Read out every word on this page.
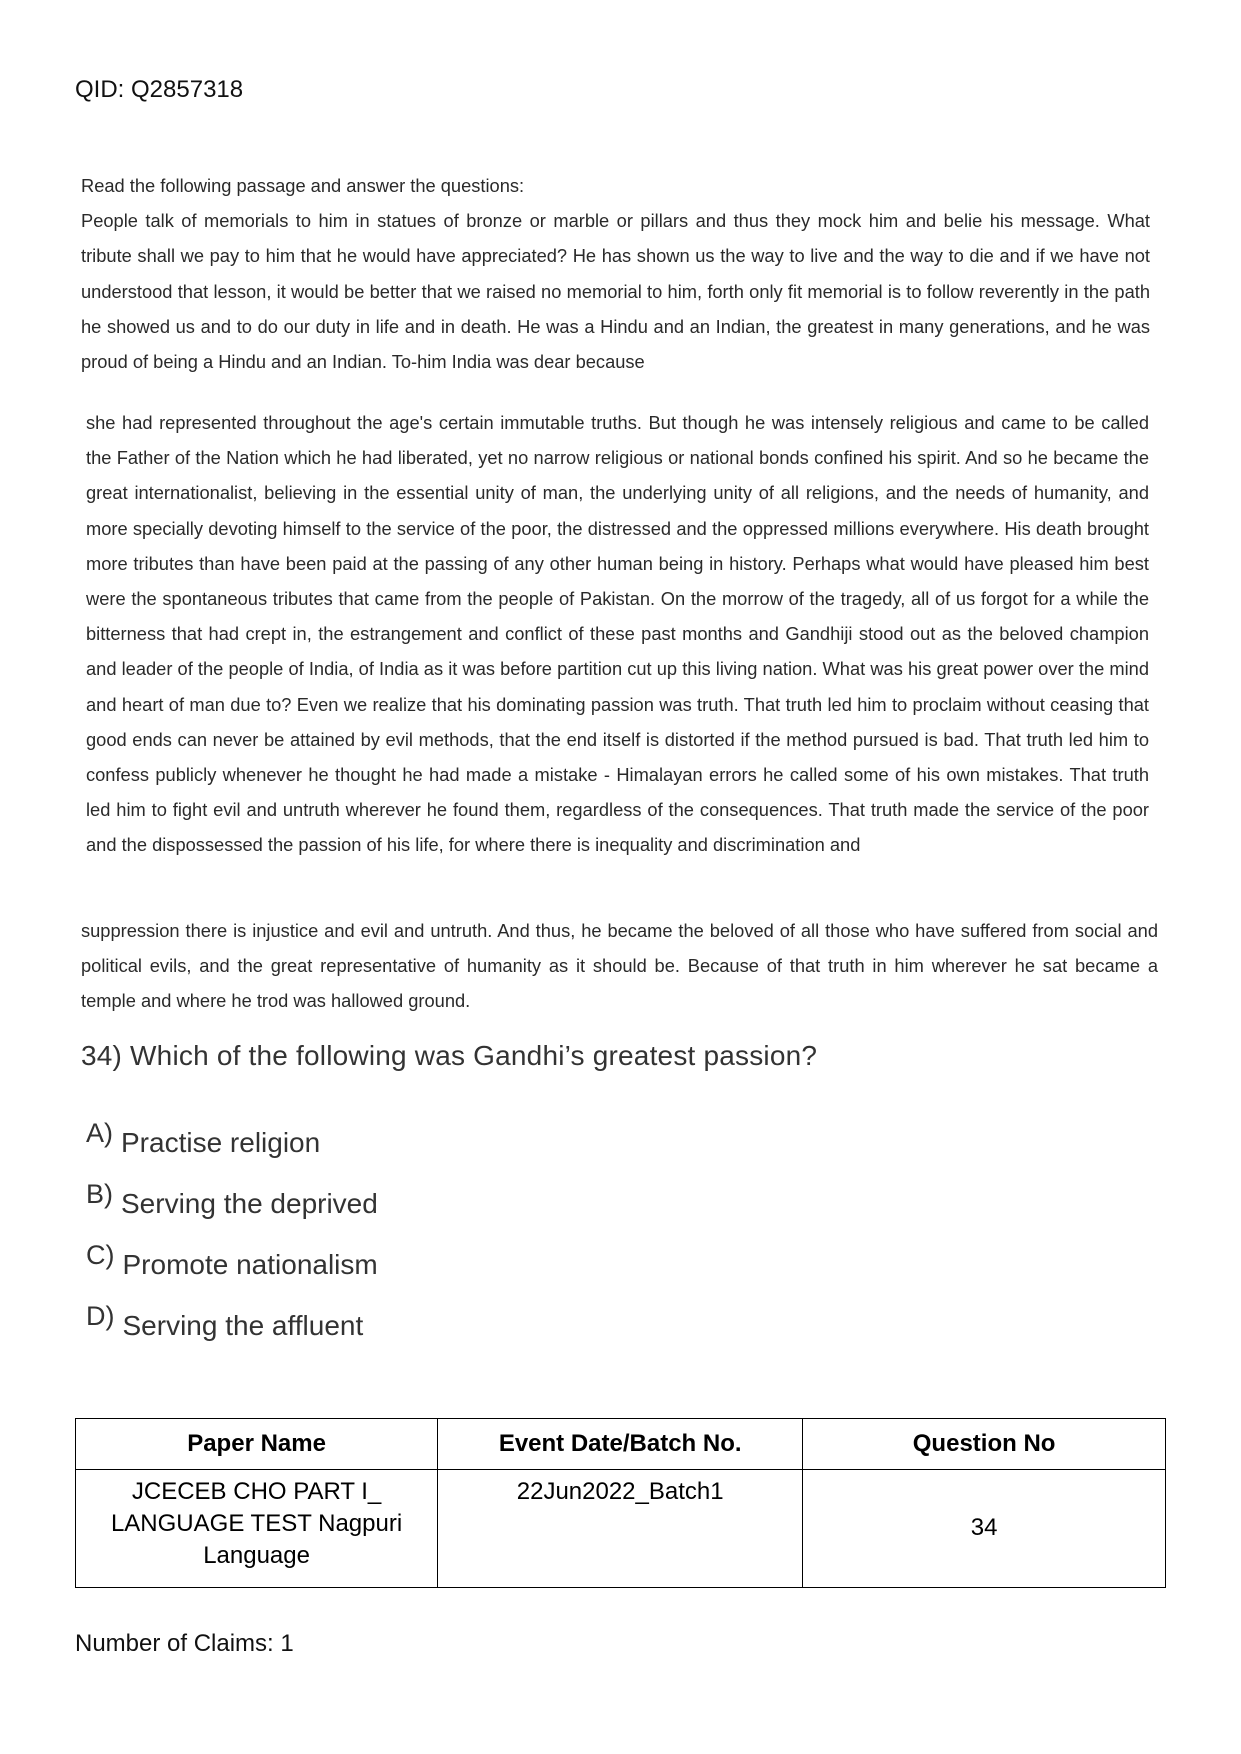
QID: Q2857318

Read the following passage and answer the questions:
People talk of memorials to him in statues of bronze or marble or pillars and thus they mock him and belie his message. What tribute shall we pay to him that he would have appreciated? He has shown us the way to live and the way to die and if we have not understood that lesson, it would be better that we raised no memorial to him, forth only fit memorial is to follow reverently in the path he showed us and to do our duty in life and in death. He was a Hindu and an Indian, the greatest in many generations, and he was proud of being a Hindu and an Indian. To-him India was dear because

she had represented throughout the age's certain immutable truths. But though he was intensely religious and came to be called the Father of the Nation which he had liberated, yet no narrow religious or national bonds confined his spirit. And so he became the great internationalist, believing in the essential unity of man, the underlying unity of all religions, and the needs of humanity, and more specially devoting himself to the service of the poor, the distressed and the oppressed millions everywhere. His death brought more tributes than have been paid at the passing of any other human being in history. Perhaps what would have pleased him best were the spontaneous tributes that came from the people of Pakistan. On the morrow of the tragedy, all of us forgot for a while the bitterness that had crept in, the estrangement and conflict of these past months and Gandhiji stood out as the beloved champion and leader of the people of India, of India as it was before partition cut up this living nation. What was his great power over the mind and heart of man due to? Even we realize that his dominating passion was truth. That truth led him to proclaim without ceasing that good ends can never be attained by evil methods, that the end itself is distorted if the method pursued is bad. That truth led him to confess publicly whenever he thought he had made a mistake - Himalayan errors he called some of his own mistakes. That truth led him to fight evil and untruth wherever he found them, regardless of the consequences. That truth made the service of the poor and the dispossessed the passion of his life, for where there is inequality and discrimination and

suppression there is injustice and evil and untruth. And thus, he became the beloved of all those who have suffered from social and political evils, and the great representative of humanity as it should be. Because of that truth in him wherever he sat became a temple and where he trod was hallowed ground.

34) Which of the following was Gandhi’s greatest passion?
A) Practise religion
B) Serving the deprived
C) Promote nationalism
D) Serving the affluent
Paper Name	Event Date/Batch No.	Question No

JCECEB CHO PART I_
LANGUAGE TEST Nagpuri
Language	22Jun2022_Batch1	34
Number of Claims: 1
